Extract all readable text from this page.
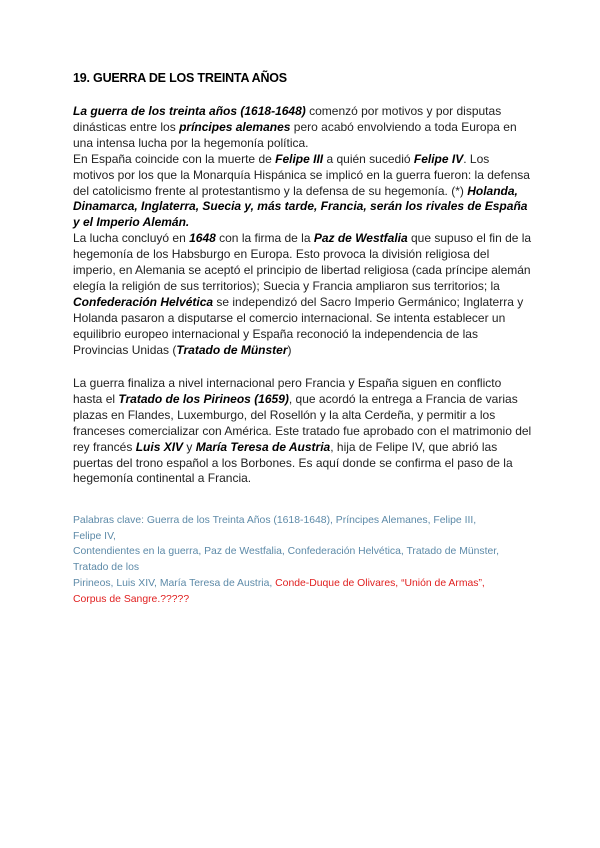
19. GUERRA DE LOS TREINTA AÑOS
La guerra de los treinta años (1618-1648) comenzó por motivos y por disputas dinásticas entre los príncipes alemanes pero acabó envolviendo a toda Europa en una intensa lucha por la hegemonía política.
En España coincide con la muerte de Felipe III a quién sucedió Felipe IV. Los motivos por los que la Monarquía Hispánica se implicó en la guerra fueron: la defensa del catolicismo frente al protestantismo y la defensa de su hegemonía. (*) Holanda, Dinamarca, Inglaterra, Suecia y, más tarde, Francia, serán los rivales de España y el Imperio Alemán.
La lucha concluyó en 1648 con la firma de la Paz de Westfalia que supuso el fin de la hegemonía de los Habsburgo en Europa. Esto provoca la división religiosa del imperio, en Alemania se aceptó el principio de libertad religiosa (cada príncipe alemán elegía la religión de sus territorios); Suecia y Francia ampliaron sus territorios; la Confederación Helvética se independizó del Sacro Imperio Germánico; Inglaterra y Holanda pasaron a disputarse el comercio internacional. Se intenta establecer un equilibrio europeo internacional y España reconoció la independencia de las Provincias Unidas (Tratado de Münster)
La guerra finaliza a nivel internacional pero Francia y España siguen en conflicto hasta el Tratado de los Pirineos (1659), que acordó la entrega a Francia de varias plazas en Flandes, Luxemburgo, del Rosellón y la alta Cerdeña, y permitir a los franceses comercializar con América. Este tratado fue aprobado con el matrimonio del rey francés Luis XIV y María Teresa de Austria, hija de Felipe IV, que abrió las puertas del trono español a los Borbones. Es aquí donde se confirma el paso de la hegemonía continental a Francia.
Palabras clave: Guerra de los Treinta Años (1618-1648), Príncipes Alemanes, Felipe III,
Felipe IV,
Contendientes en la guerra, Paz de Westfalia, Confederación Helvética, Tratado de Münster,
Tratado de los
Pirineos, Luis XIV, María Teresa de Austria, Conde-Duque de Olivares, “Unión de Armas”,
Corpus de Sangre.?????
